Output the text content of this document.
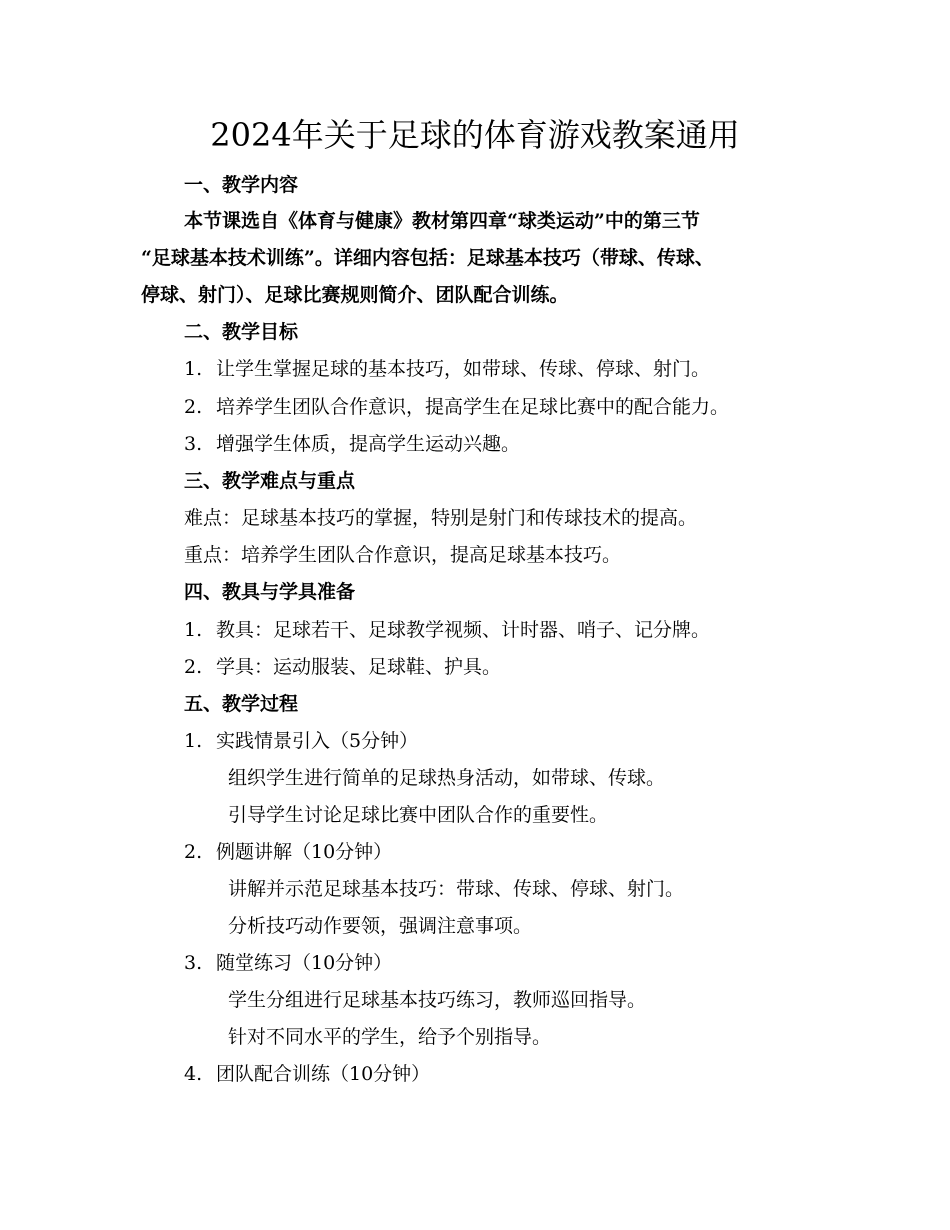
2024年关于足球的体育游戏教案通用

一、教学内容

本节课选自《体育与健康》教材第四章“球类运动”中的第三节

“足球基本技术训练”。详细内容包括：足球基本技巧（带球、传球、

停球、射门）、足球比赛规则简介、团队配合训练。

二、教学目标

1. 让学生掌握足球的基本技巧，如带球、传球、停球、射门。

2. 培养学生团队合作意识，提高学生在足球比赛中的配合能力。

3. 增强学生体质，提高学生运动兴趣。

三、教学难点与重点

难点：足球基本技巧的掌握，特别是射门和传球技术的提高。

重点：培养学生团队合作意识，提高足球基本技巧。

四、教具与学具准备

1. 教具：足球若干、足球教学视频、计时器、哨子、记分牌。

2. 学具：运动服装、足球鞋、护具。

五、教学过程

1. 实践情景引入（5分钟）

组织学生进行简单的足球热身活动，如带球、传球。

引导学生讨论足球比赛中团队合作的重要性。

2. 例题讲解（10分钟）

讲解并示范足球基本技巧：带球、传球、停球、射门。

分析技巧动作要领，强调注意事项。

3. 随堂练习（10分钟）

学生分组进行足球基本技巧练习，教师巡回指导。

针对不同水平的学生，给予个别指导。

4. 团队配合训练（10分钟）
